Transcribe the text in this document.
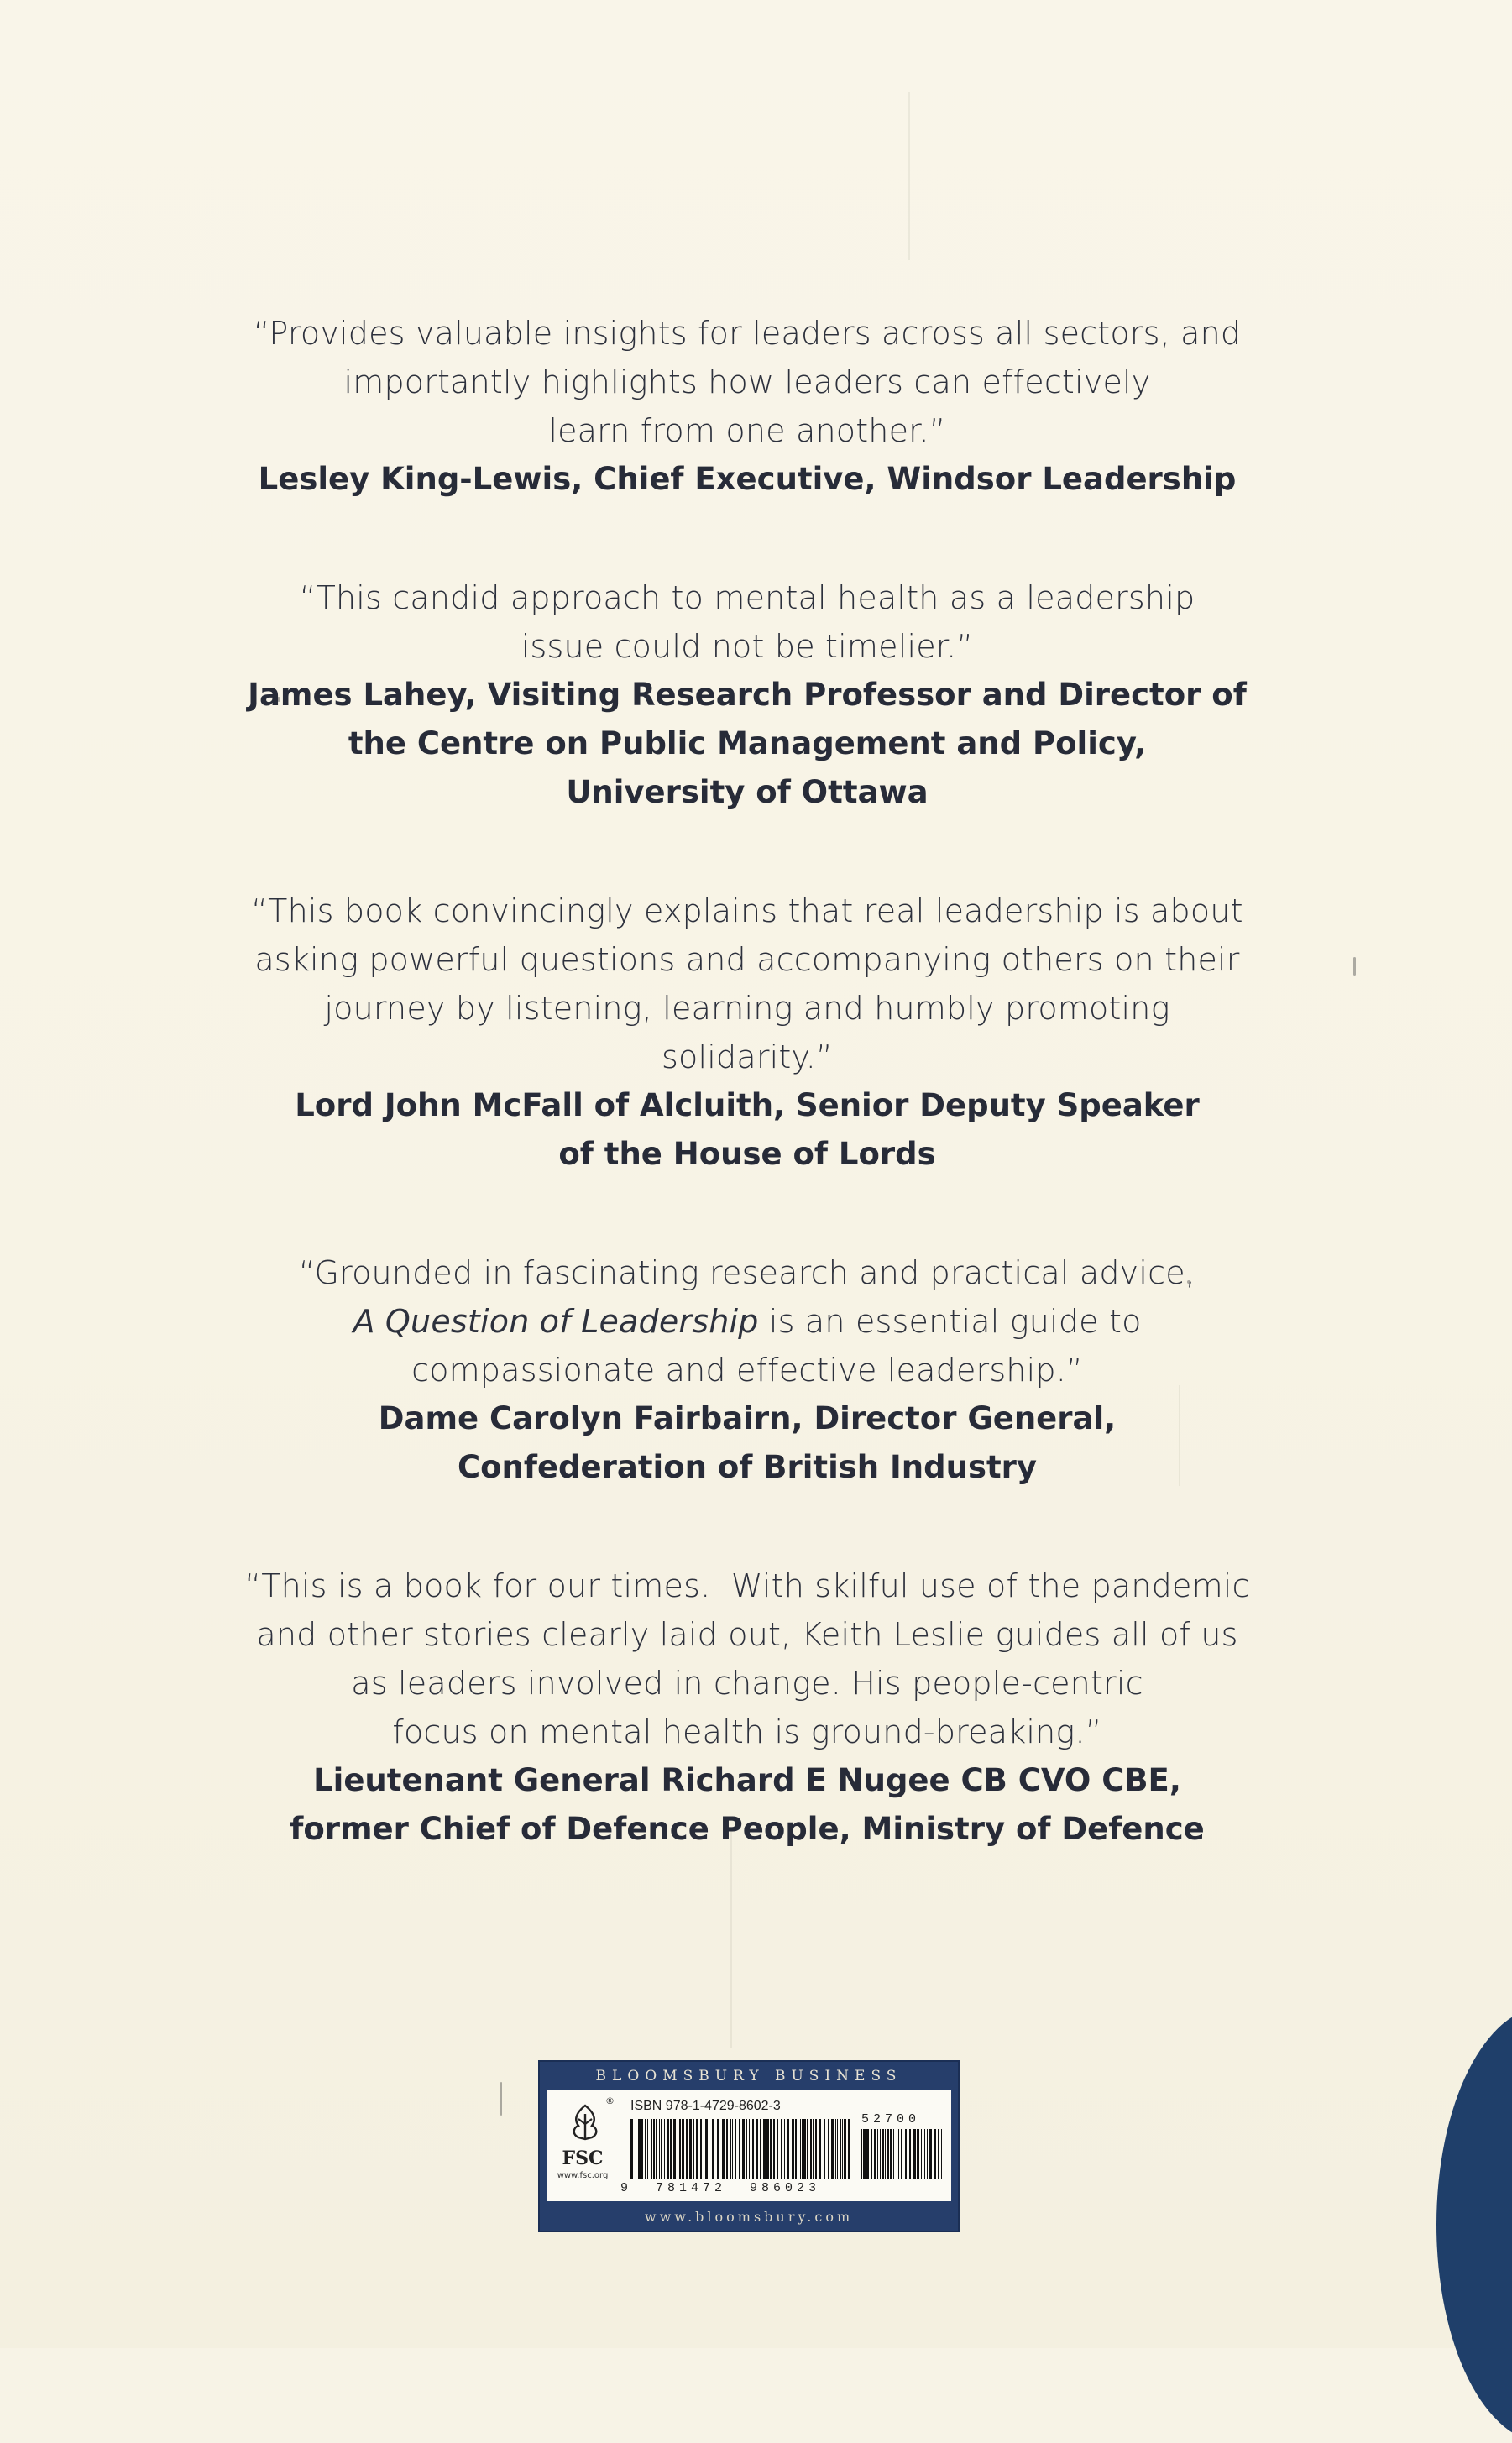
“Provides valuable insights for leaders across all sectors, and
importantly highlights how leaders can effectively
learn from one another.”
Lesley King-Lewis, Chief Executive, Windsor Leadership
“This candid approach to mental health as a leadership
issue could not be timelier.”
James Lahey, Visiting Research Professor and Director of
the Centre on Public Management and Policy,
University of Ottawa
“This book convincingly explains that real leadership is about
asking powerful questions and accompanying others on their
journey by listening, learning and humbly promoting solidarity.”
Lord John McFall of Alcluith, Senior Deputy Speaker
of the House of Lords
“Grounded in fascinating research and practical advice,
A Question of Leadership is an essential guide to
compassionate and effective leadership.”
Dame Carolyn Fairbairn, Director General,
Confederation of British Industry
“This is a book for our times.  With skilful use of the pandemic
and other stories clearly laid out, Keith Leslie guides all of us
as leaders involved in change. His people-centric
focus on mental health is ground-breaking.”
Lieutenant General Richard E Nugee CB CVO CBE,
former Chief of Defence People, Ministry of Defence
BLOOMSBURY BUSINESS
FSC
www.fsc.org
® ISBN 978-1-4729-8602-3
9  781472  986023
52700
www.bloomsbury.com
